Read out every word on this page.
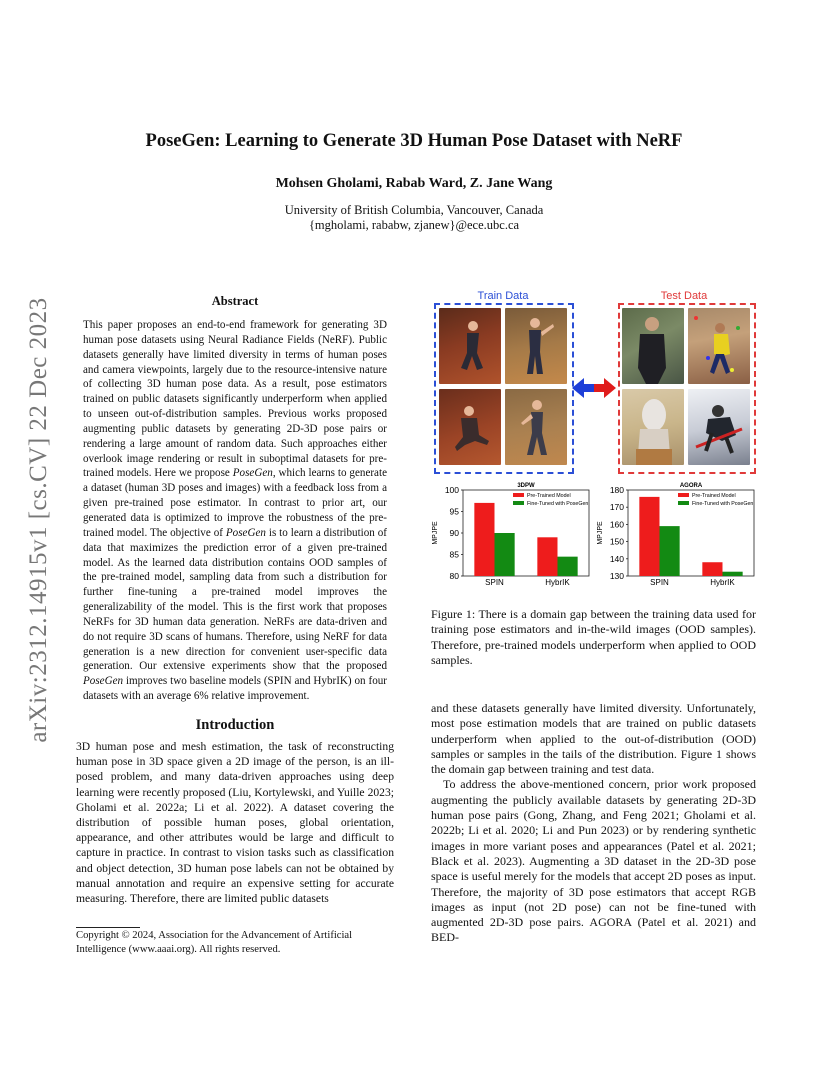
arXiv:2312.14915v1 [cs.CV] 22 Dec 2023
PoseGen: Learning to Generate 3D Human Pose Dataset with NeRF
Mohsen Gholami, Rabab Ward, Z. Jane Wang
University of British Columbia, Vancouver, Canada
{mgholami, rababw, zjanew}@ece.ubc.ca
Abstract

This paper proposes an end-to-end framework for generating 3D human pose datasets using Neural Radiance Fields (NeRF). Public datasets generally have limited diversity in terms of human poses and camera viewpoints, largely due to the resource-intensive nature of collecting 3D human pose data. As a result, pose estimators trained on public datasets significantly underperform when applied to unseen out-of-distribution samples. Previous works proposed augmenting public datasets by generating 2D-3D pose pairs or rendering a large amount of random data. Such approaches either overlook image rendering or result in suboptimal datasets for pre-trained models. Here we propose PoseGen, which learns to generate a dataset (human 3D poses and images) with a feedback loss from a given pre-trained pose estimator. In contrast to prior art, our generated data is optimized to improve the robustness of the pre-trained model. The objective of PoseGen is to learn a distribution of data that maximizes the prediction error of a given pre-trained model. As the learned data distribution contains OOD samples of the pre-trained model, sampling data from such a distribution for further fine-tuning a pre-trained model improves the generalizability of the model. This is the first work that proposes NeRFs for 3D human data generation. NeRFs are data-driven and do not require 3D scans of humans. Therefore, using NeRF for data generation is a new direction for convenient user-specific data generation. Our extensive experiments show that the proposed PoseGen improves two baseline models (SPIN and HybrIK) on four datasets with an average 6% relative improvement.

Introduction

3D human pose and mesh estimation, the task of reconstructing human pose in 3D space given a 2D image of the person, is an ill-posed problem, and many data-driven approaches using deep learning were recently proposed (Liu, Kortylewski, and Yuille 2023; Gholami et al. 2022a; Li et al. 2022). A dataset covering the distribution of possible human poses, global orientation, appearance, and other attributes would be large and difficult to capture in practice. In contrast to vision tasks such as classification and object detection, 3D human pose labels can not be obtained by manual annotation and require an expensive setting for accurate measuring. Therefore, there are limited public datasets

Copyright © 2024, Association for the Advancement of Artificial Intelligence (www.aaai.org). All rights reserved.
Train Data	Test Data
3DPW
MPJPE
80
85
90
95
100
SPIN	HybrIK
Pre-Trained Model
Fine-Tuned with PoseGen
AGORA
MPJPE
130
140
150
160
170
180
SPIN	HybrIK
Pre-Trained Model
Fine-Tuned with PoseGen

Figure 1: There is a domain gap between the training data used for training pose estimators and in-the-wild images (OOD samples). Therefore, pre-trained models underperform when applied to OOD samples.

and these datasets generally have limited diversity. Unfortunately, most pose estimation models that are trained on public datasets underperform when applied to the out-of-distribution (OOD) samples or samples in the tails of the distribution. Figure 1 shows the domain gap between training and test data.

To address the above-mentioned concern, prior work proposed augmenting the publicly available datasets by generating 2D-3D human pose pairs (Gong, Zhang, and Feng 2021; Gholami et al. 2022b; Li et al. 2020; Li and Pun 2023) or by rendering synthetic images in more variant poses and appearances (Patel et al. 2021; Black et al. 2023). Augmenting a 3D dataset in the 2D-3D pose space is useful merely for the models that accept 2D poses as input. Therefore, the majority of 3D pose estimators that accept RGB images as input (not 2D pose) can not be fine-tuned with augmented 2D-3D pose pairs. AGORA (Patel et al. 2021) and BED-
